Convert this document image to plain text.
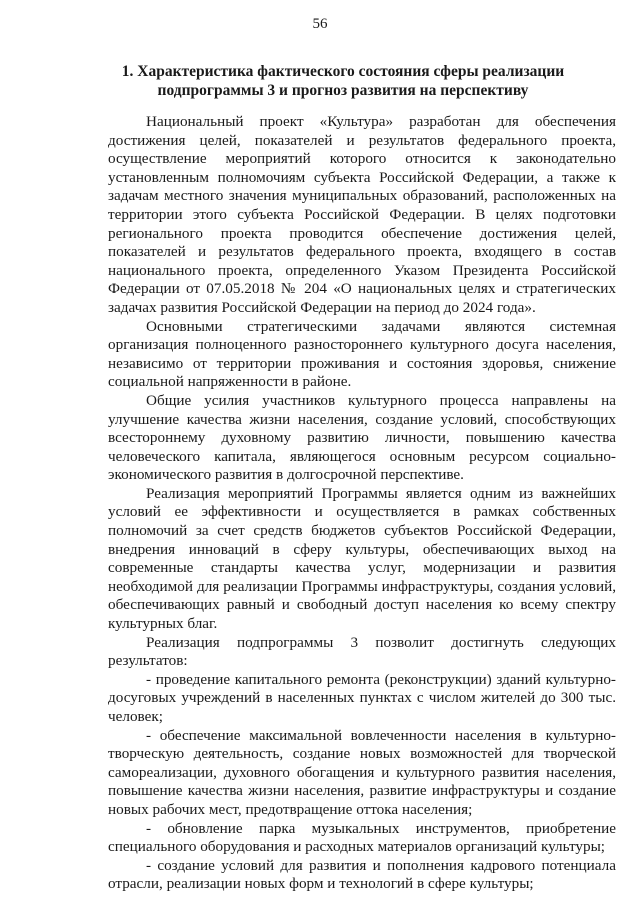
56
1. Характеристика фактического состояния сферы реализации
подпрограммы 3 и прогноз развития на перспективу

Национальный проект «Культура» разработан для обеспечения достижения целей, показателей и результатов федерального проекта, осуществление мероприятий которого относится к законодательно установленным полномочиям субъекта Российской Федерации, а также к задачам местного значения муниципальных образований, расположенных на территории этого субъекта Российской Федерации. В целях подготовки регионального проекта проводится обеспечение достижения целей, показателей и результатов федерального проекта, входящего в состав национального проекта, определенного Указом Президента Российской Федерации от 07.05.2018 № 204 «О национальных целях и стратегических задачах развития Российской Федерации на период до 2024 года».

Основными стратегическими задачами являются системная организация полноценного разностороннего культурного досуга населения, независимо от территории проживания и состояния здоровья, снижение социальной напряженности в районе.

Общие усилия участников культурного процесса направлены на улучшение качества жизни населения, создание условий, способствующих всестороннему духовному развитию личности, повышению качества человеческого капитала, являющегося основным ресурсом социально-экономического развития в долгосрочной перспективе.

Реализация мероприятий Программы является одним из важнейших условий ее эффективности и осуществляется в рамках собственных полномочий за счет средств бюджетов субъектов Российской Федерации, внедрения инноваций в сферу культуры, обеспечивающих выход на современные стандарты качества услуг, модернизации и развития необходимой для реализации Программы инфраструктуры, создания условий, обеспечивающих равный и свободный доступ населения ко всему спектру культурных благ.

Реализация подпрограммы 3 позволит достигнуть следующих результатов:

- проведение капитального ремонта (реконструкции) зданий культурно-досуговых учреждений в населенных пунктах с числом жителей до 300 тыс. человек;

- обеспечение максимальной вовлеченности населения в культурно-творческую деятельность, создание новых возможностей для творческой самореализации, духовного обогащения и культурного развития населения, повышение качества жизни населения, развитие инфраструктуры и создание новых рабочих мест, предотвращение оттока населения;

- обновление парка музыкальных инструментов, приобретение специального оборудования и расходных материалов организаций культуры;

- создание условий для развития и пополнения кадрового потенциала отрасли, реализации новых форм и технологий в сфере культуры;
